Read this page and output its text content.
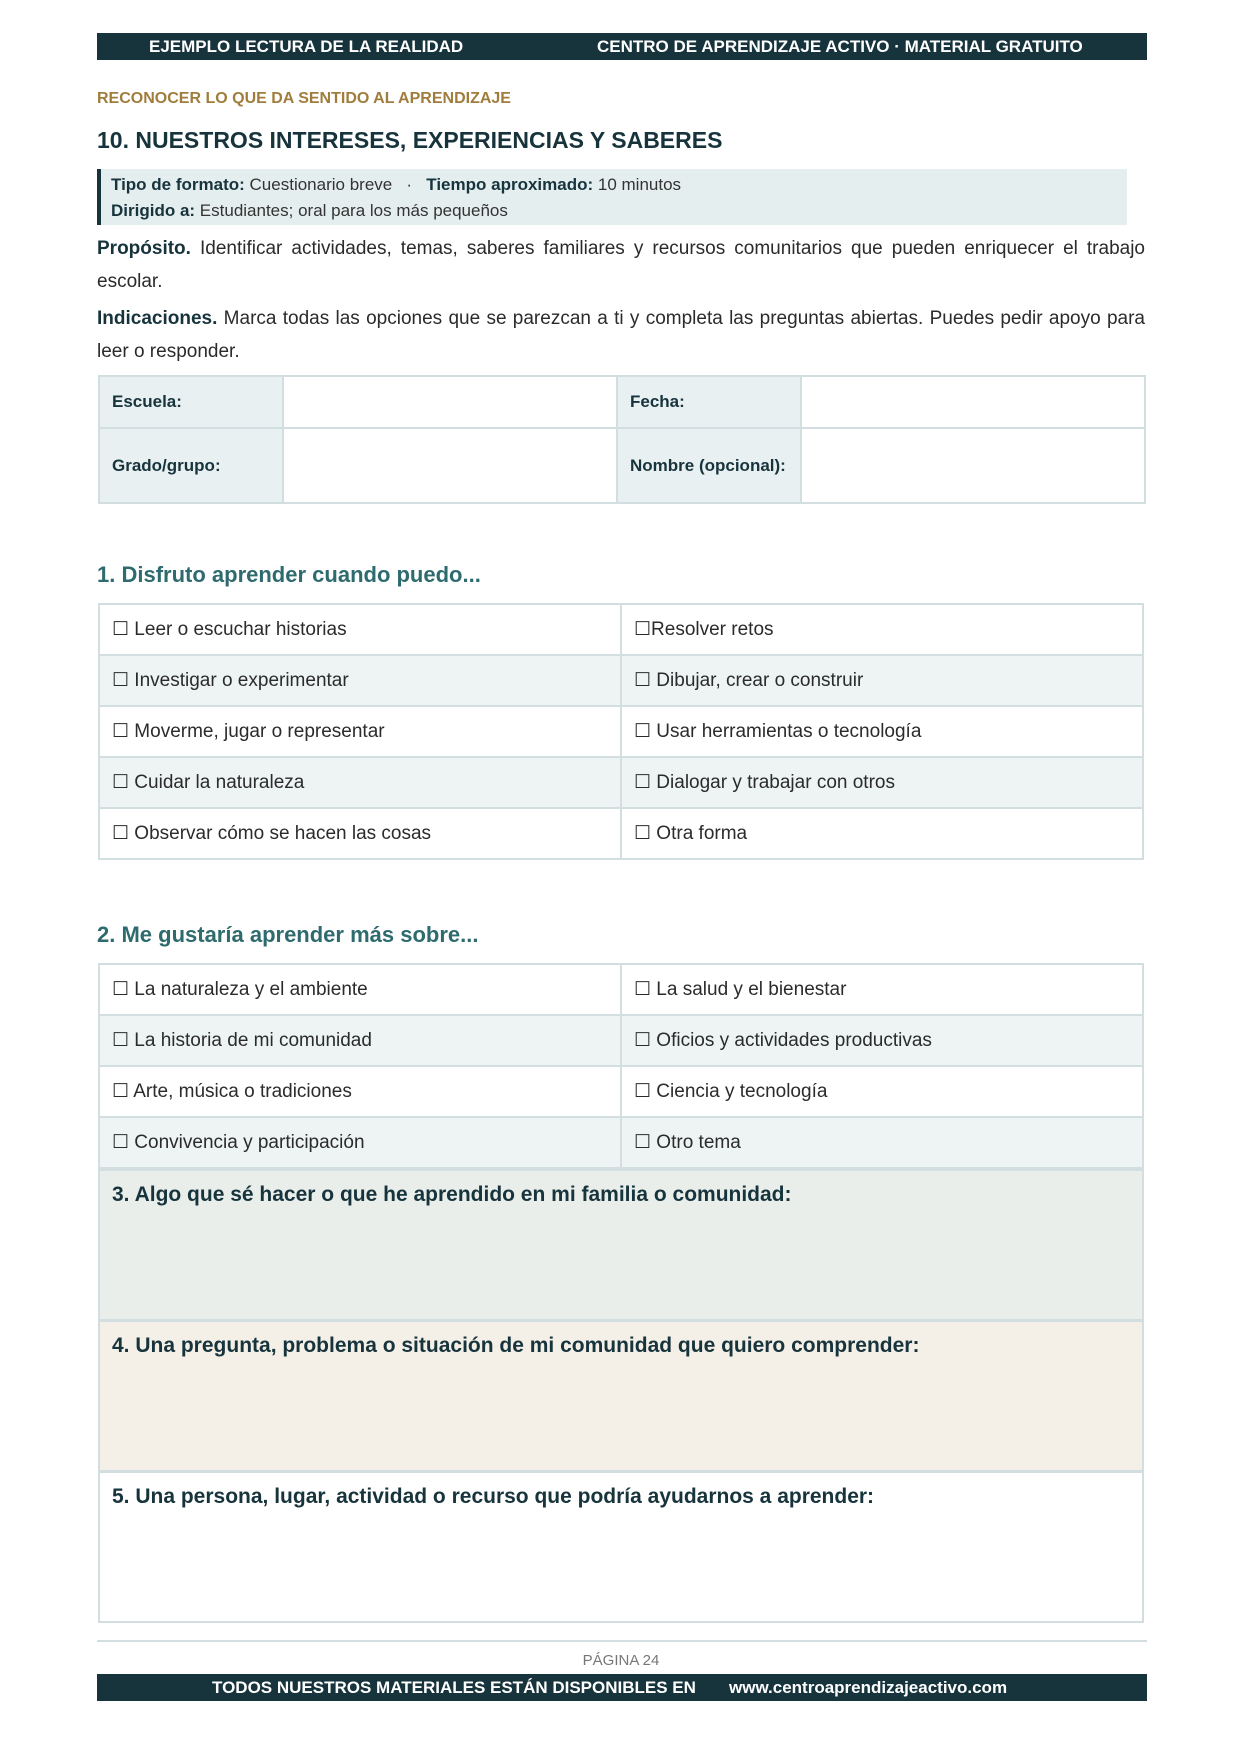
EJEMPLO LECTURA DE LA REALIDAD	CENTRO DE APRENDIZAJE ACTIVO · MATERIAL GRATUITO
RECONOCER LO QUE DA SENTIDO AL APRENDIZAJE
10. NUESTROS INTERESES, EXPERIENCIAS Y SABERES
Tipo de formato: Cuestionario breve · Tiempo aproximado: 10 minutos
Dirigido a: Estudiantes; oral para los más pequeños
Propósito. Identificar actividades, temas, saberes familiares y recursos comunitarios que pueden enriquecer el trabajo escolar.
Indicaciones. Marca todas las opciones que se parezcan a ti y completa las preguntas abiertas. Puedes pedir apoyo para leer o responder.
Escuela:		Fecha:	
Grado/grupo:		Nombre (opcional):	
1. Disfruto aprender cuando puedo...
☐ Leer o escuchar historias	☐Resolver retos
☐ Investigar o experimentar	☐ Dibujar, crear o construir
☐ Moverme, jugar o representar	☐ Usar herramientas o tecnología
☐ Cuidar la naturaleza	☐ Dialogar y trabajar con otros
☐ Observar cómo se hacen las cosas	☐ Otra forma
2. Me gustaría aprender más sobre...
☐ La naturaleza y el ambiente	☐ La salud y el bienestar
☐ La historia de mi comunidad	☐ Oficios y actividades productivas
☐ Arte, música o tradiciones	☐ Ciencia y tecnología
☐ Convivencia y participación	☐ Otro tema
3. Algo que sé hacer o que he aprendido en mi familia o comunidad:
4. Una pregunta, problema o situación de mi comunidad que quiero comprender:
5. Una persona, lugar, actividad o recurso que podría ayudarnos a aprender:
PÁGINA 24
TODOS NUESTROS MATERIALES ESTÁN DISPONIBLES EN www.centroaprendizajeactivo.com
